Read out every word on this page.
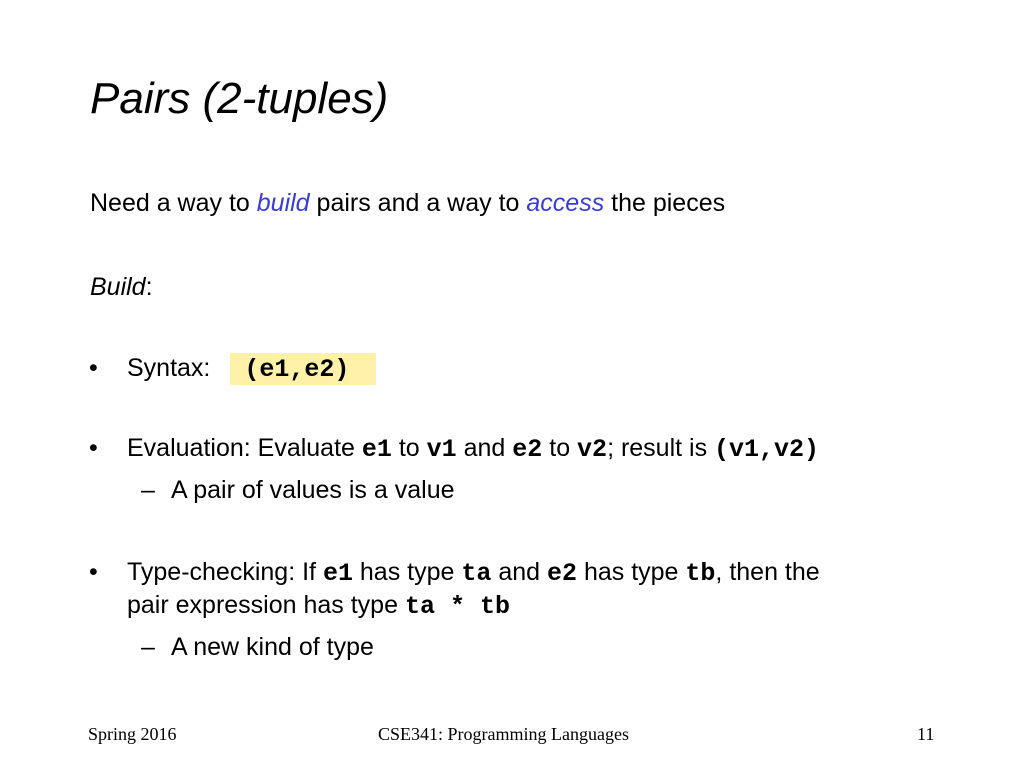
Pairs (2-tuples)
Need a way to build pairs and a way to access the pieces
Build:
• Syntax: (e1,e2)
• Evaluation: Evaluate e1 to v1 and e2 to v2; result is (v1,v2)
– A pair of values is a value
• Type-checking: If e1 has type ta and e2 has type tb, then the
pair expression has type ta * tb
– A new kind of type
Spring 2016	CSE341: Programming Languages	11
